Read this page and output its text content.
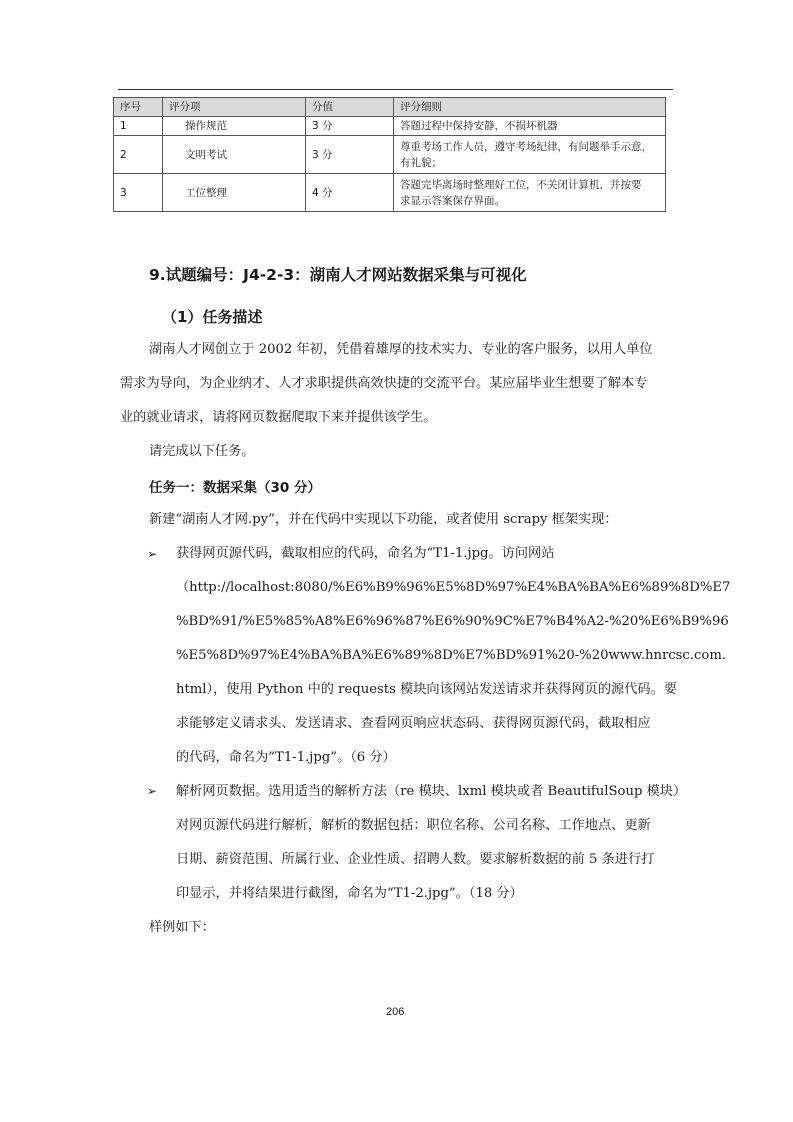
序号	评分项	分值	评分细则
1	操作规范	3 分	答题过程中保持安静，不损坏机器
2	文明考试	3 分	尊重考场工作人员，遵守考场纪律，有问题举手示意，
有礼貌；

3	工位整理	4 分	答题完毕离场时整理好工位，不关闭计算机，并按要
求显示答案保存界面。
9.试题编号：J4-2-3：湖南人才网站数据采集与可视化
（1）任务描述
湖南人才网创立于 2002 年初，凭借着雄厚的技术实力、专业的客户服务，以用人单位
需求为导向，为企业纳才、人才求职提供高效快捷的交流平台。某应届毕业生想要了解本专
业的就业请求，请将网页数据爬取下来并提供该学生。
请完成以下任务。
任务一：数据采集（30 分）
新建“湖南人才网.py”，并在代码中实现以下功能，或者使用 scrapy 框架实现：
➢ 获得网页源代码，截取相应的代码，命名为“T1-1.jpg。访问网站
（http://localhost:8080/%E6%B9%96%E5%8D%97%E4%BA%BA%E6%89%8D%E7
%BD%91/%E5%85%A8%E6%96%87%E6%90%9C%E7%B4%A2-%20%E6%B9%96
%E5%8D%97%E4%BA%BA%E6%89%8D%E7%BD%91%20-%20www.hnrcsc.com.
html），使用 Python 中的 requests 模块向该网站发送请求并获得网页的源代码。要
求能够定义请求头、发送请求、查看网页响应状态码、获得网页源代码，截取相应
的代码，命名为”T1-1.jpg”。（6 分）
➢ 解析网页数据。选用适当的解析方法（re 模块、lxml 模块或者 BeautifulSoup 模块）
对网页源代码进行解析，解析的数据包括：职位名称、公司名称、工作地点、更新
日期、薪资范围、所属行业、企业性质、招聘人数。要求解析数据的前 5 条进行打
印显示，并将结果进行截图，命名为“T1-2.jpg”。（18 分）
样例如下：
206
